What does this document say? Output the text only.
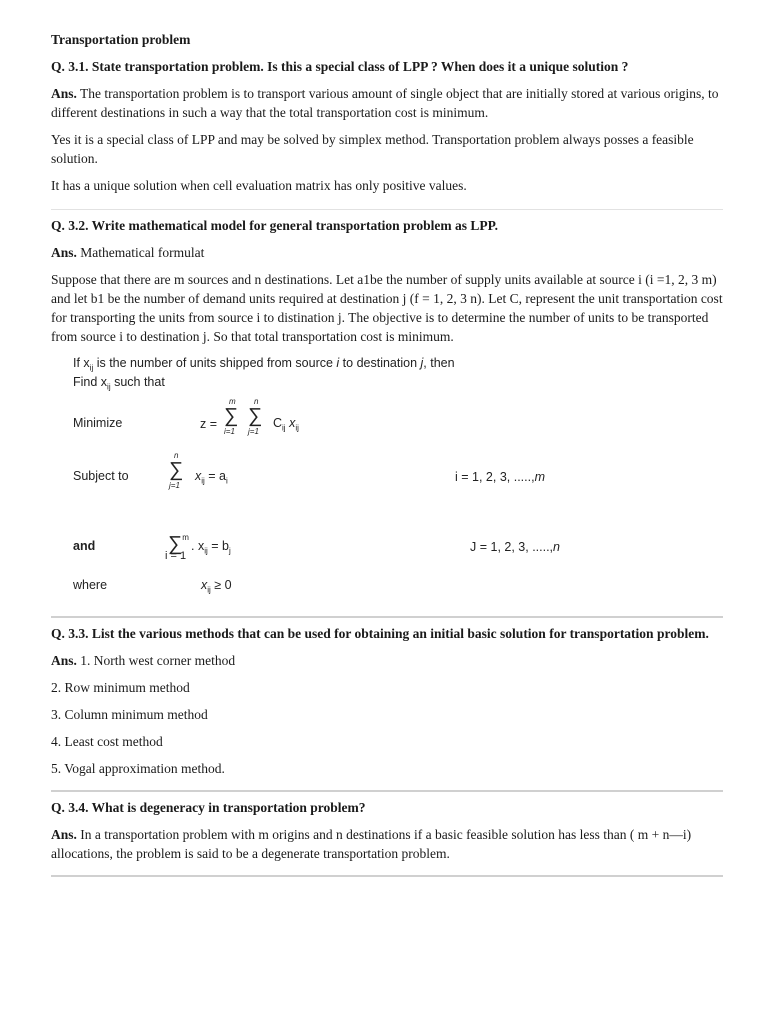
Transportation problem

Q. 3.1. State transportation problem. Is this a special class of LPP ? When does it a unique solution ?

Ans. The transportation problem is to transport various amount of single object that are initially stored at various origins, to different destinations in such a way that the total transportation cost is minimum.

Yes it is a special class of LPP and may be solved by simplex method. Transportation problem always posses a feasible solution.

It has a unique solution when cell evaluation matrix has only positive values.

Q. 3.2. Write mathematical model for general transportation problem as LPP.

Ans. Mathematical formulat

Suppose that there are m sources and n destinations. Let a1be the number of supply units available at source i (i =1, 2, 3 m) and let b1 be the number of demand units required at destination j (f = 1, 2, 3 n). Let C, represent the unit transportation cost for transporting the units from source i to distination j. The objective is to determine the number of units to be transported from source i to destination j. So that total transportation cost is minimum.

If $x_{ij}$ is the number of units shipped from source i to destination j, then
Find $x_{ij}$ such that
Minimize	z =
m
∑
i=1
n
∑
j=1
$C_{ij}$ $x_{ij}$
Subject to
n
∑
j=1
$x_{ij} = a_i$	i = 1, 2, 3, .....,m
and	∑$^m$
i = 1
. $x_{ij} = b_j$	J = 1, 2, 3, .....,n
where	$x_{ij} \ge 0$

Q. 3.3. List the various methods that can be used for obtaining an initial basic solution for transportation problem.

Ans. 1. North west corner method

2. Row minimum method

3. Column minimum method

4. Least cost method

5. Vogal approximation method.

Q. 3.4. What is degeneracy in transportation problem?

Ans. In a transportation problem with m origins and n destinations if a basic feasible solution has less than ( m + n—i) allocations, the problem is said to be a degenerate transportation problem.
